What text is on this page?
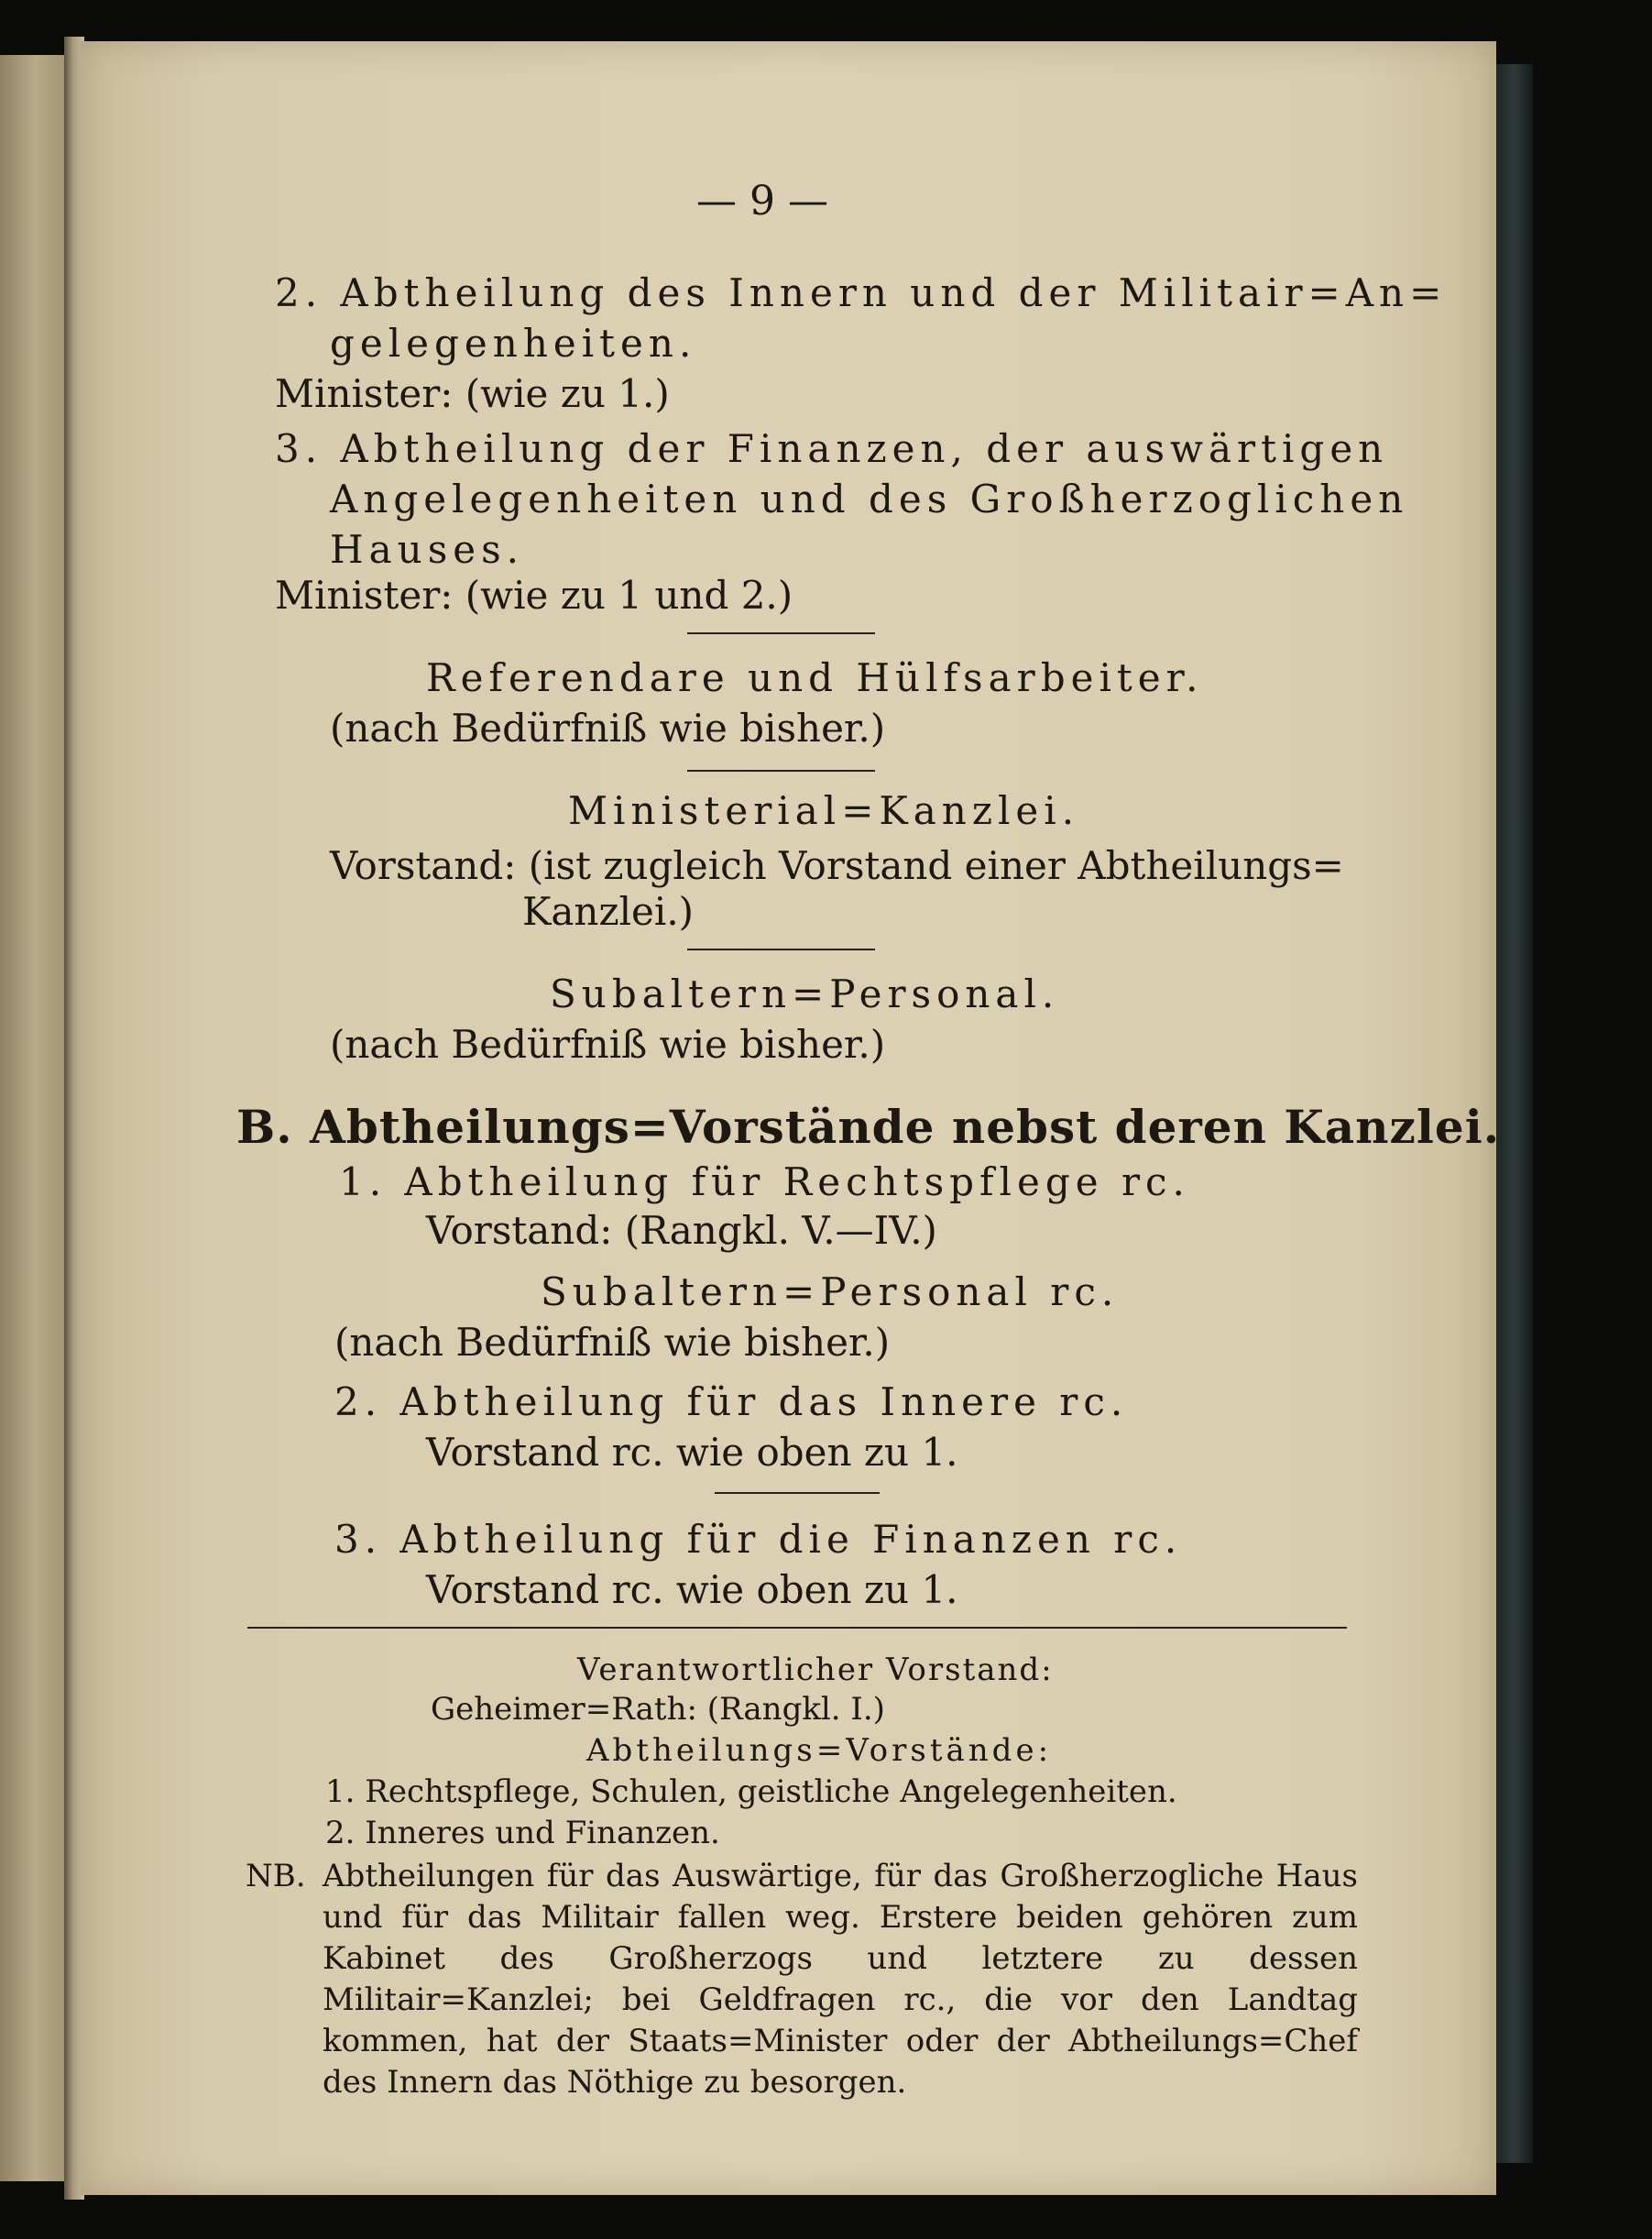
— 9 —
2. Abtheilung des Innern und der Militair=An=
gelegenheiten.
Minister: (wie zu 1.)
3. Abtheilung der Finanzen, der auswärtigen
Angelegenheiten und des Großherzoglichen
Hauses.
Minister: (wie zu 1 und 2.)
Referendare und Hülfsarbeiter.
(nach Bedürfniß wie bisher.)
Ministerial=Kanzlei.
Vorstand: (ist zugleich Vorstand einer Abtheilungs=
Kanzlei.)
Subaltern=Personal.
(nach Bedürfniß wie bisher.)
B. Abtheilungs=Vorstände nebst deren Kanzlei.
1. Abtheilung für Rechtspflege rc.
Vorstand: (Rangkl. V.—IV.)
Subaltern=Personal rc.
(nach Bedürfniß wie bisher.)
2. Abtheilung für das Innere rc.
Vorstand rc. wie oben zu 1.
3. Abtheilung für die Finanzen rc.
Vorstand rc. wie oben zu 1.
Verantwortlicher Vorstand:
Geheimer=Rath: (Rangkl. I.)
Abtheilungs=Vorstände:
1. Rechtspflege, Schulen, geistliche Angelegenheiten.
2. Inneres und Finanzen.
NB. Abtheilungen für das Auswärtige, für das Großherzogliche Haus und für das Militair fallen weg. Erstere beiden gehören zum Kabinet des Großherzogs und letztere zu dessen Militair=Kanzlei; bei Geldfragen rc., die vor den Landtag kommen, hat der Staats=Minister oder der Abtheilungs=Chef des Innern das Nöthige zu besorgen.
